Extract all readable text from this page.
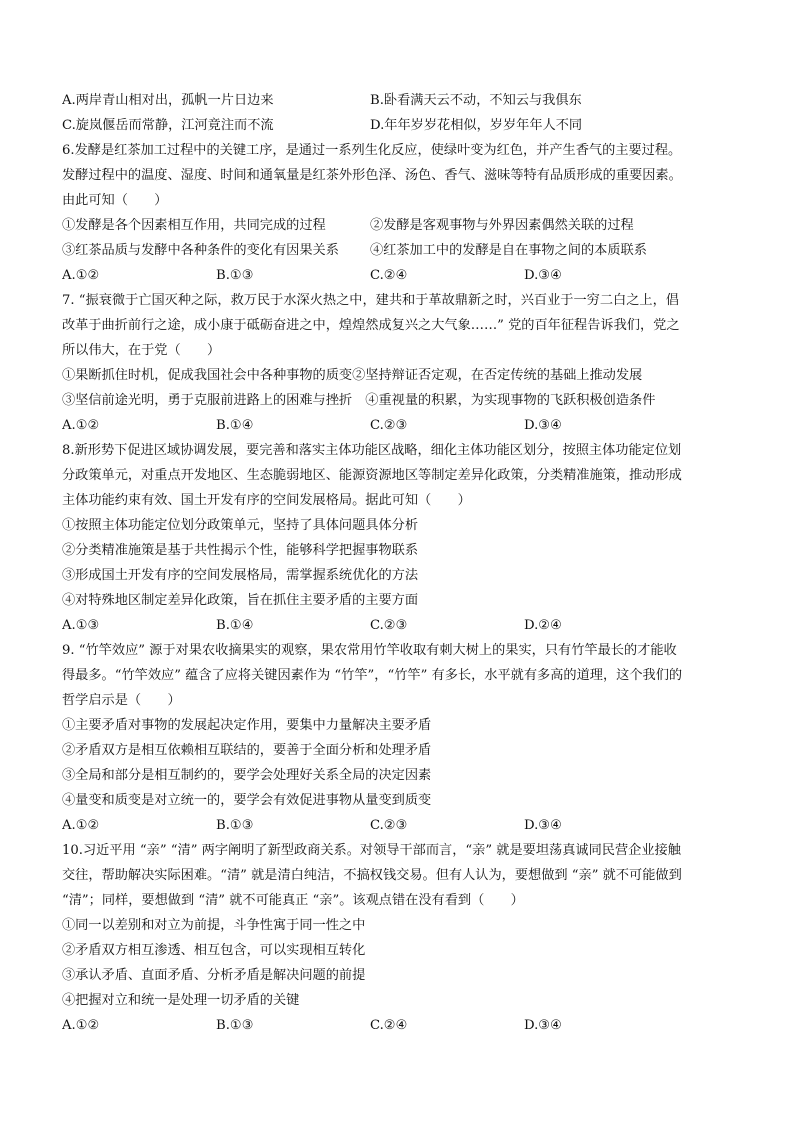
A.两岸青山相对出，孤帆一片日边来	B.卧看满天云不动，不知云与我俱东
C.旋岚偃岳而常静，江河竟注而不流	D.年年岁岁花相似，岁岁年年人不同
6.发酵是红茶加工过程中的关键工序，是通过一系列生化反应，使绿叶变为红色，并产生香气的主要过程。
发酵过程中的温度、湿度、时间和通氧量是红茶外形色泽、汤色、香气、滋味等特有品质形成的重要因素。
由此可知（　　）
①发酵是各个因素相互作用，共同完成的过程	②发酵是客观事物与外界因素偶然关联的过程
③红茶品质与发酵中各种条件的变化有因果关系	④红茶加工中的发酵是自在事物之间的本质联系
A.①②	B.①③	C.②④	D.③④
7. “振衰微于亡国灭种之际，救万民于水深火热之中，建共和于革故鼎新之时，兴百业于一穷二白之上，倡
改革于曲折前行之途，成小康于砥砺奋进之中，煌煌然成复兴之大气象……” 党的百年征程告诉我们，党之
所以伟大，在于党（　　）
①果断抓住时机，促成我国社会中各种事物的质变②坚持辩证否定观，在否定传统的基础上推动发展
③坚信前途光明，勇于克服前进路上的困难与挫折　④重视量的积累，为实现事物的飞跃积极创造条件
A.①②	B.①④	C.②③	D.③④
8.新形势下促进区域协调发展，要完善和落实主体功能区战略，细化主体功能区划分，按照主体功能定位划
分政策单元，对重点开发地区、生态脆弱地区、能源资源地区等制定差异化政策，分类精准施策，推动形成
主体功能约束有效、国土开发有序的空间发展格局。据此可知（　　）
①按照主体功能定位划分政策单元，坚持了具体问题具体分析
②分类精准施策是基于共性揭示个性，能够科学把握事物联系
③形成国土开发有序的空间发展格局，需掌握系统优化的方法
④对特殊地区制定差异化政策，旨在抓住主要矛盾的主要方面
A.①③	B.①④	C.②③	D.②④
9. “竹竿效应” 源于对果农收摘果实的观察，果农常用竹竿收取有刺大树上的果实，只有竹竿最长的才能收
得最多。“竹竿效应” 蕴含了应将关键因素作为 “竹竿”，“竹竿” 有多长，水平就有多高的道理，这个我们的
哲学启示是（　　）
①主要矛盾对事物的发展起决定作用，要集中力量解决主要矛盾
②矛盾双方是相互依赖相互联结的，要善于全面分析和处理矛盾
③全局和部分是相互制约的，要学会处理好关系全局的决定因素
④量变和质变是对立统一的，要学会有效促进事物从量变到质变
A.①②	B.①③	C.②③	D.③④
10.习近平用 “亲” “清” 两字阐明了新型政商关系。对领导干部而言，“亲” 就是要坦荡真诚同民营企业接触
交往，帮助解决实际困难。“清” 就是清白纯洁，不搞权钱交易。但有人认为，要想做到 “亲” 就不可能做到
“清”；同样，要想做到 “清” 就不可能真正 “亲”。该观点错在没有看到（　　）
①同一以差别和对立为前提，斗争性寓于同一性之中
②矛盾双方相互渗透、相互包含，可以实现相互转化
③承认矛盾、直面矛盾、分析矛盾是解决问题的前提
④把握对立和统一是处理一切矛盾的关键
A.①②	B.①③	C.②④	D.③④
